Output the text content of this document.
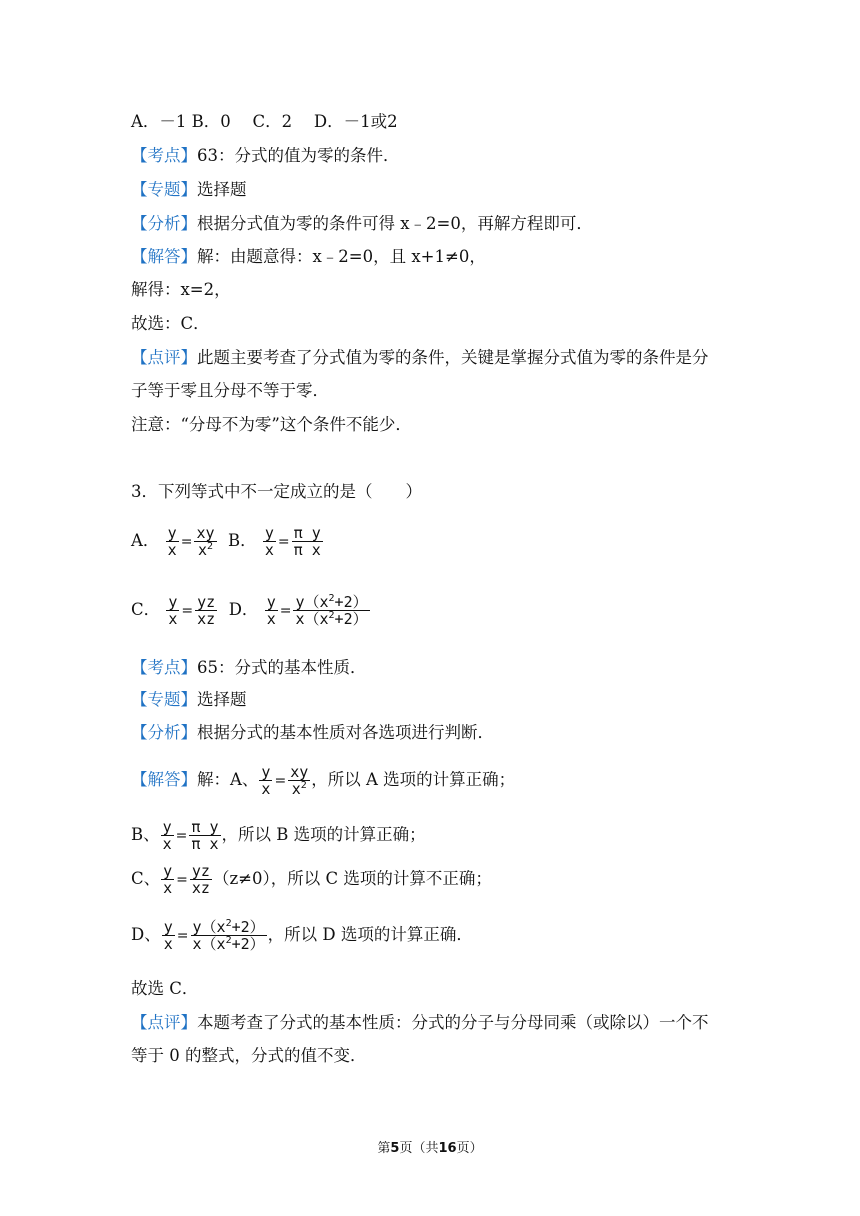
A．－1 B．0　 C．2　 D．－1或2
【考点】63：分式的值为零的条件．
【专题】选择题
【分析】根据分式值为零的条件可得 x﹣2=0，再解方程即可．
【解答】解：由题意得：x﹣2=0，且 x+1≠0，
解得：x=2，
故选：C．
【点评】此题主要考查了分式值为零的条件，关键是掌握分式值为零的条件是分
子等于零且分母不等于零．
注意：“分母不为零”这个条件不能少．
3．下列等式中不一定成立的是（　　）
A． $\frac{y}{x} = \frac{xy}{x^2}$ B． $\frac{y}{x} = \frac{\text{π y}}{\text{π x}}$
C． $\frac{y}{x} = \frac{yz}{xz}$ D． $\frac{y}{x} = \frac{y(x^2+2)}{x(x^2+2)}$
【考点】65：分式的基本性质．
【专题】选择题
【分析】根据分式的基本性质对各选项进行判断．
【解答】解：A、 $\frac{y}{x} = \frac{xy}{x^2}$ ，所以 A 选项的计算正确；
B、 $\frac{y}{x} = \frac{\text{π y}}{\text{π x}}$ ，所以 B 选项的计算正确；
C、 $\frac{y}{x} = \frac{yz}{xz} (z\ne 0)$，所以 C 选项的计算不正确；
D、 $\frac{y}{x} = \frac{y(x^2+2)}{x(x^2+2)}$ ，所以 D 选项的计算正确．
故选 C．
【点评】本题考查了分式的基本性质：分式的分子与分母同乘（或除以）一个不
等于 0 的整式，分式的值不变．
第5页（共16页）
